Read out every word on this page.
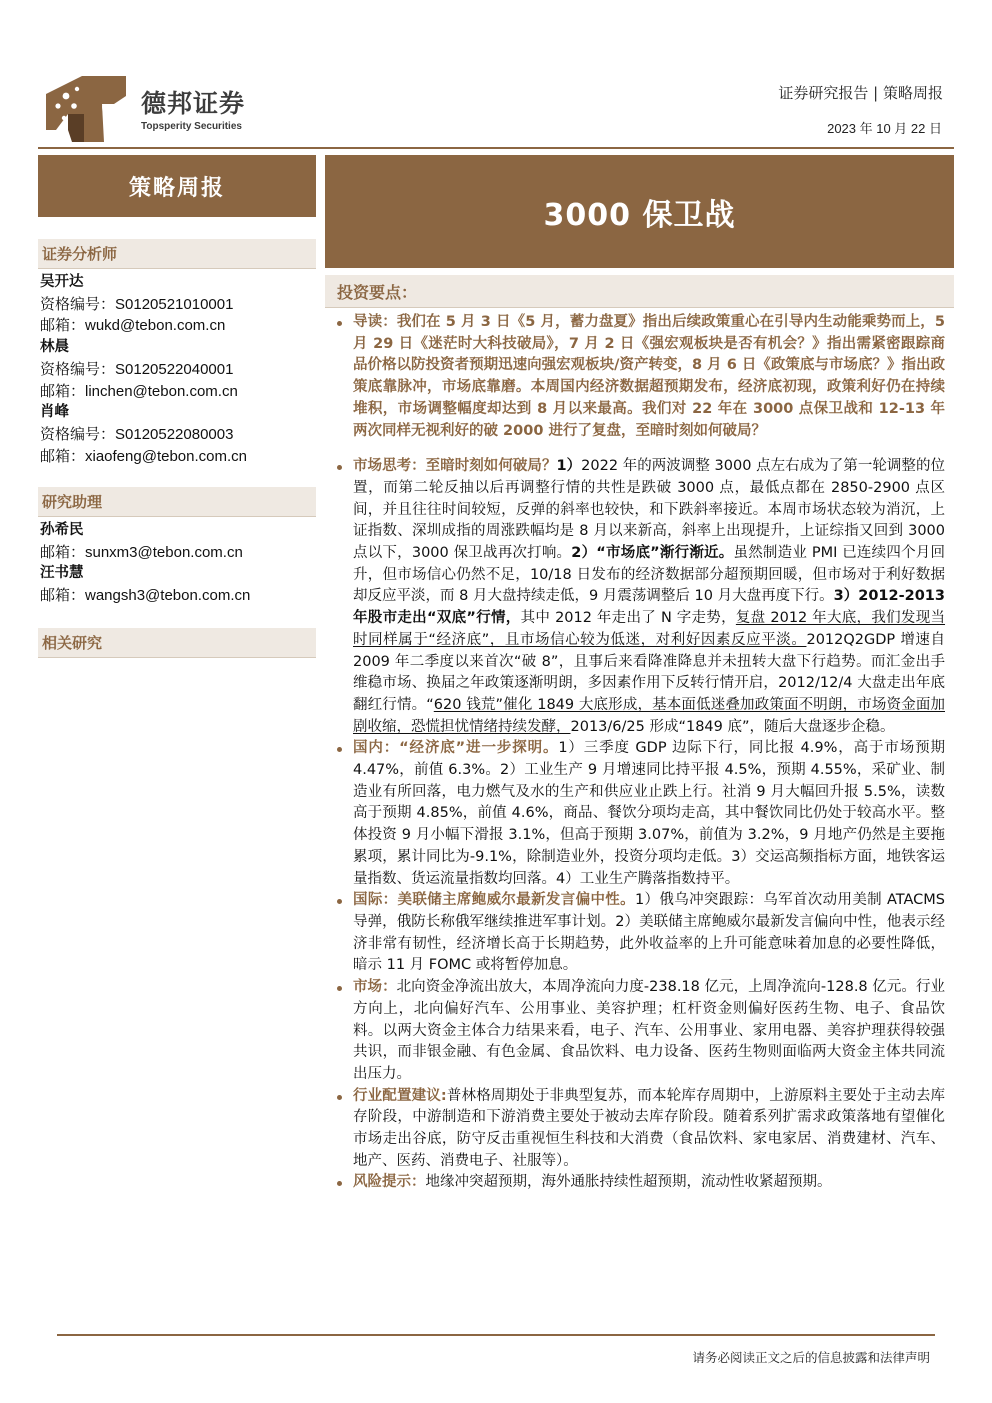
德邦证券
Topsperity Securities
证券研究报告 | 策略周报
2023 年 10 月 22 日
策略周报
证券分析师
吴开达
资格编号：S0120521010001
邮箱：wukd@tebon.com.cn
林晨
资格编号：S0120522040001
邮箱：linchen@tebon.com.cn
肖峰
资格编号：S0120522080003
邮箱：xiaofeng@tebon.com.cn
研究助理
孙希民
邮箱：sunxm3@tebon.com.cn
汪书慧
邮箱：wangsh3@tebon.com.cn
相关研究
3000 保卫战
投资要点：
导读：我们在 5 月 3 日《5 月，蓄力盘夏》指出后续政策重心在引导内生动能乘势而上，5 月 29 日《迷茫时大科技破局》，7 月 2 日《强宏观板块是否有机会？》指出需紧密跟踪商品价格以防投资者预期迅速向强宏观板块/资产转变，8 月 6 日《政策底与市场底？》指出政策底靠脉冲，市场底靠磨。本周国内经济数据超预期发布，经济底初现，政策利好仍在持续堆积，市场调整幅度却达到 8 月以来最高。我们对 22 年在 3000 点保卫战和 12-13 年两次同样无视利好的破 2000 进行了复盘，至暗时刻如何破局？
市场思考：至暗时刻如何破局？1）2022 年的两波调整 3000 点左右成为了第一轮调整的位置，而第二轮反抽以后再调整行情的共性是跌破 3000 点，最低点都在 2850-2900 点区间，并且往往时间较短，反弹的斜率也较快，和下跌斜率接近。本周市场状态较为消沉，上证指数、深圳成指的周涨跌幅均是 8 月以来新高，斜率上出现提升，上证综指又回到 3000 点以下，3000 保卫战再次打响。2）“市场底”渐行渐近。虽然制造业 PMI 已连续四个月回升，但市场信心仍然不足，10/18 日发布的经济数据部分超预期回暖，但市场对于利好数据却反应平淡，而 8 月大盘持续走低，9 月震荡调整后 10 月大盘再度下行。3）2012-2013 年股市走出“双底”行情，其中 2012 年走出了 N 字走势，复盘 2012 年大底，我们发现当时同样属于“经济底”，且市场信心较为低迷，对利好因素反应平淡。2012Q2GDP 增速自 2009 年二季度以来首次“破 8”，且事后来看降准降息并未扭转大盘下行趋势。而汇金出手维稳市场、换届之年政策逐渐明朗，多因素作用下反转行情开启，2012/12/4 大盘走出年底翻红行情。“620 钱荒”催化 1849 大底形成，基本面低迷叠加政策面不明朗，市场资金面加剧收缩，恐慌担忧情绪持续发酵，2013/6/25 形成“1849 底”，随后大盘逐步企稳。
国内：“经济底”进一步探明。1）三季度 GDP 边际下行，同比报 4.9%，高于市场预期 4.47%，前值 6.3%。2）工业生产 9 月增速同比持平报 4.5%，预期 4.55%，采矿业、制造业有所回落，电力燃气及水的生产和供应业止跌上行。社消 9 月大幅回升报 5.5%，读数高于预期 4.85%，前值 4.6%，商品、餐饮分项均走高，其中餐饮同比仍处于较高水平。整体投资 9 月小幅下滑报 3.1%，但高于预期 3.07%，前值为 3.2%，9 月地产仍然是主要拖累项，累计同比为-9.1%，除制造业外，投资分项均走低。3）交运高频指标方面，地铁客运量指数、货运流量指数均回落。4）工业生产腾落指数持平。
国际：美联储主席鲍威尔最新发言偏中性。1）俄乌冲突跟踪：乌军首次动用美制 ATACMS 导弹，俄防长称俄军继续推进军事计划。2）美联储主席鲍威尔最新发言偏向中性，他表示经济非常有韧性，经济增长高于长期趋势，此外收益率的上升可能意味着加息的必要性降低，暗示 11 月 FOMC 或将暂停加息。
市场：北向资金净流出放大，本周净流向力度-238.18 亿元，上周净流向-128.8 亿元。行业方向上，北向偏好汽车、公用事业、美容护理；杠杆资金则偏好医药生物、电子、食品饮料。以两大资金主体合力结果来看，电子、汽车、公用事业、家用电器、美容护理获得较强共识，而非银金融、有色金属、食品饮料、电力设备、医药生物则面临两大资金主体共同流出压力。
行业配置建议:普林格周期处于非典型复苏，而本轮库存周期中，上游原料主要处于主动去库存阶段，中游制造和下游消费主要处于被动去库存阶段。随着系列扩需求政策落地有望催化市场走出谷底，防守反击重视恒生科技和大消费（食品饮料、家电家居、消费建材、汽车、地产、医药、消费电子、社服等）。
风险提示：地缘冲突超预期，海外通胀持续性超预期，流动性收紧超预期。
请务必阅读正文之后的信息披露和法律声明
